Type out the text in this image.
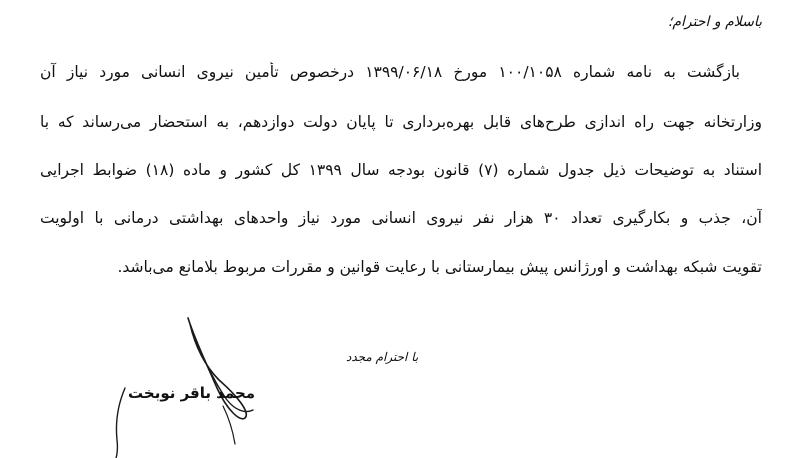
باسلام و احترام؛
بازگشت به نامه شماره ۱۰۰/۱۰۵۸ مورخ ۱۳۹۹/۰۶/۱۸ درخصوص تأمین نیروی انسانی مورد نیاز آن
وزارتخانه جهت راه اندازی طرح‌های قابل بهره‌برداری تا پایان دولت دوازدهم، به استحضار می‌رساند که با
استناد به توضیحات ذیل جدول شماره (۷) قانون بودجه سال ۱۳۹۹ کل کشور و ماده (۱۸) ضوابط اجرایی
آن، جذب و بکارگیری تعداد ۳۰ هزار نفر نیروی انسانی مورد نیاز واحدهای بهداشتی درمانی با اولویت
تقویت شبکه بهداشت و اورژانس پیش بیمارستانی با رعایت قوانین و مقررات مربوط بلامانع می‌باشد.
با احترام مجدد
محمد باقر نوبخت
